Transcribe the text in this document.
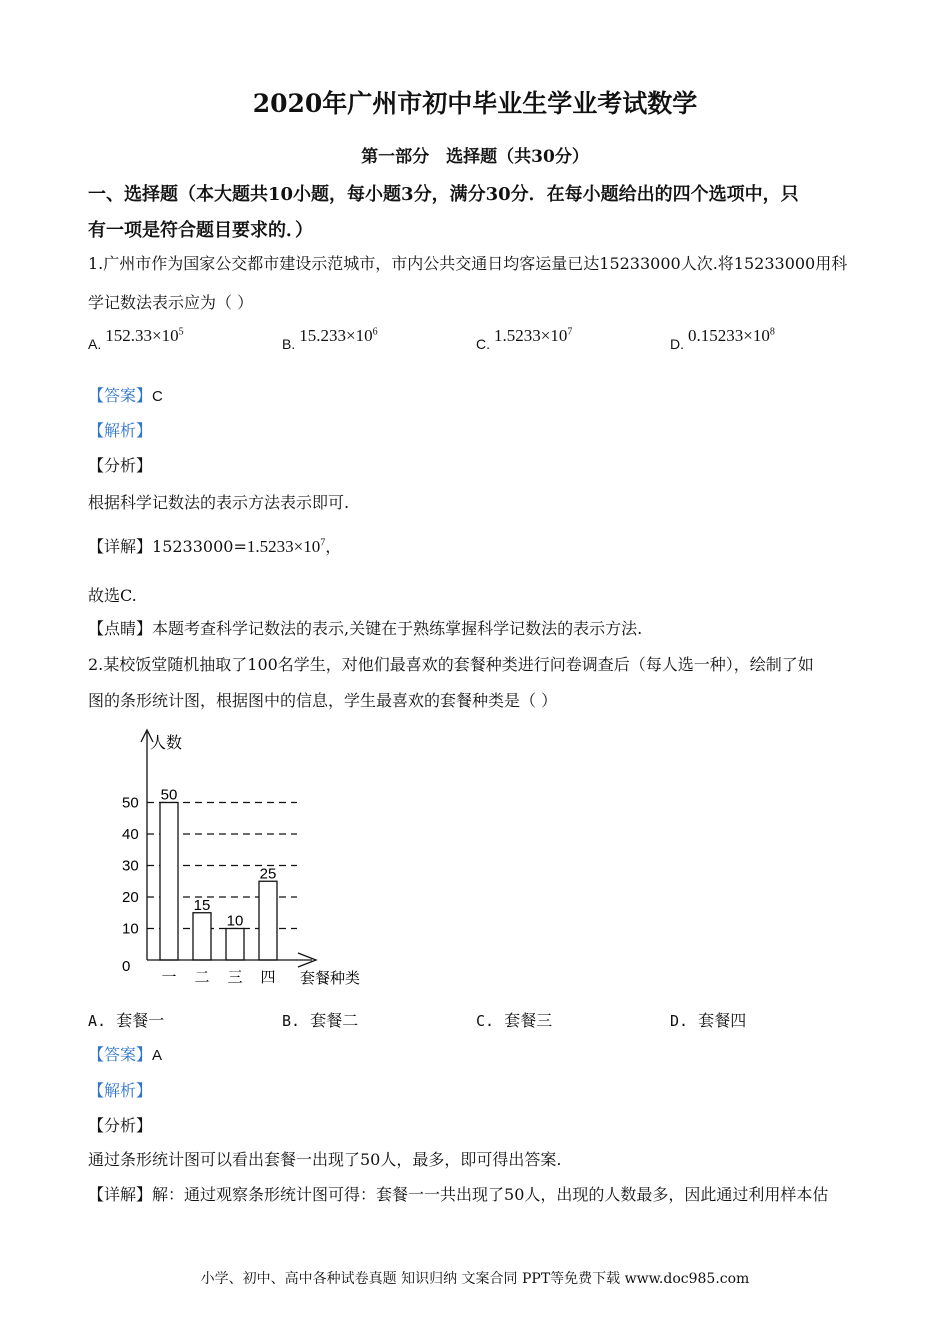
2020年广州市初中毕业生学业考试数学
第一部分　选择题（共30分）
一、选择题（本大题共10小题，每小题3分，满分30分．在每小题给出的四个选项中，只
有一项是符合题目要求的．）
1.广州市作为国家公交都市建设示范城市，市内公共交通日均客运量已达15233000人次.将15233000用科
学记数法表示应为（ ）
A. $152.33\times 10^5$
B. $15.233\times 10^6$
C. $1.5233\times 10^7$
D. $0.15233\times 10^8$
【答案】C
【解析】
【分析】
根据科学记数法的表示方法表示即可.
【详解】$15233000=1.5233\times 10^7$，
故选C.
【点睛】本题考查科学记数法的表示,关键在于熟练掌握科学记数法的表示方法.
2.某校饭堂随机抽取了100名学生，对他们最喜欢的套餐种类进行问卷调查后（每人选一种），绘制了如
图的条形统计图，根据图中的信息，学生最喜欢的套餐种类是（ ）
50
一
15
二
10
三
25
四
0
10
20
30
40
50
人数
套餐种类
A. 套餐一	B. 套餐二	C. 套餐三	D. 套餐四
【答案】A
【解析】
【分析】
通过条形统计图可以看出套餐一出现了50人，最多，即可得出答案.
【详解】解：通过观察条形统计图可得：套餐一一共出现了50人，出现的人数最多，因此通过利用样本估
小学、初中、高中各种试卷真题 知识归纳 文案合同 PPT等免费下载 www.doc985.com
